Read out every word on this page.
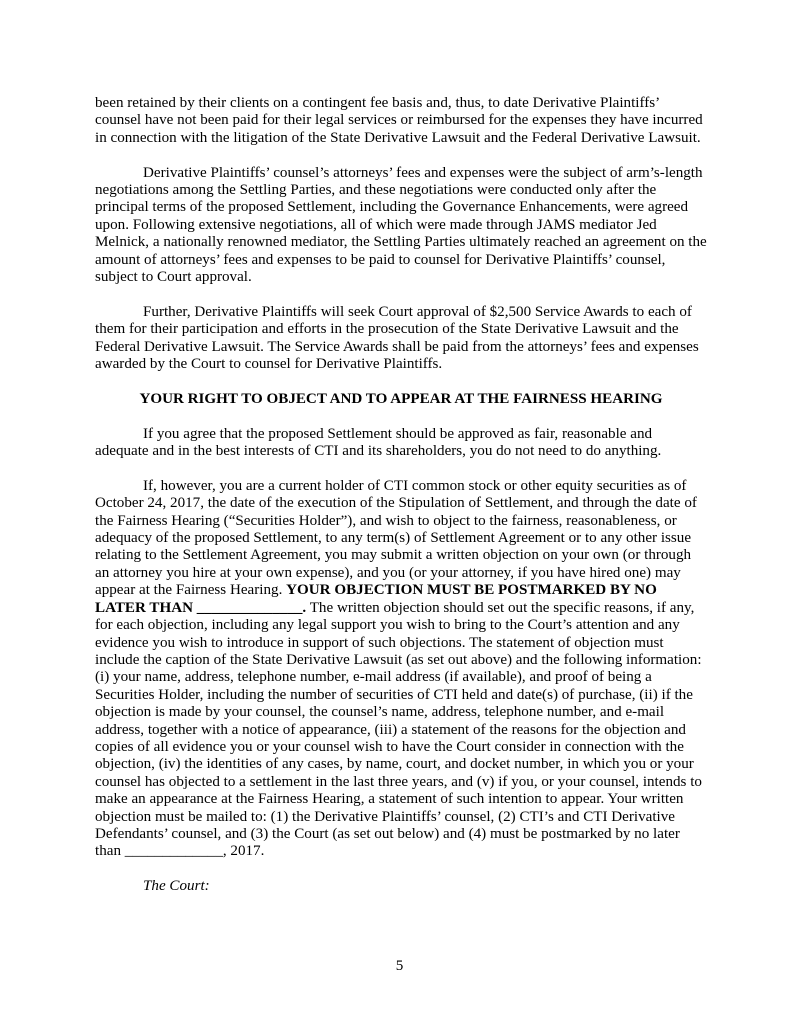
been retained by their clients on a contingent fee basis and, thus, to date Derivative Plaintiffs’ counsel have not been paid for their legal services or reimbursed for the expenses they have incurred in connection with the litigation of the State Derivative Lawsuit and the Federal Derivative Lawsuit.

Derivative Plaintiffs’ counsel’s attorneys’ fees and expenses were the subject of arm’s-length negotiations among the Settling Parties, and these negotiations were conducted only after the principal terms of the proposed Settlement, including the Governance Enhancements, were agreed upon. Following extensive negotiations, all of which were made through JAMS mediator Jed Melnick, a nationally renowned mediator, the Settling Parties ultimately reached an agreement on the amount of attorneys’ fees and expenses to be paid to counsel for Derivative Plaintiffs’ counsel, subject to Court approval.

Further, Derivative Plaintiffs will seek Court approval of $2,500 Service Awards to each of them for their participation and efforts in the prosecution of the State Derivative Lawsuit and the Federal Derivative Lawsuit. The Service Awards shall be paid from the attorneys’ fees and expenses awarded by the Court to counsel for Derivative Plaintiffs.

YOUR RIGHT TO OBJECT AND TO APPEAR AT THE FAIRNESS HEARING

If you agree that the proposed Settlement should be approved as fair, reasonable and adequate and in the best interests of CTI and its shareholders, you do not need to do anything.

If, however, you are a current holder of CTI common stock or other equity securities as of October 24, 2017, the date of the execution of the Stipulation of Settlement, and through the date of the Fairness Hearing (“Securities Holder”), and wish to object to the fairness, reasonableness, or adequacy of the proposed Settlement, to any term(s) of Settlement Agreement or to any other issue relating to the Settlement Agreement, you may submit a written objection on your own (or through an attorney you hire at your own expense), and you (or your attorney, if you have hired one) may appear at the Fairness Hearing. YOUR OBJECTION MUST BE POSTMARKED BY NO LATER THAN ______________. The written objection should set out the specific reasons, if any, for each objection, including any legal support you wish to bring to the Court’s attention and any evidence you wish to introduce in support of such objections. The statement of objection must include the caption of the State Derivative Lawsuit (as set out above) and the following information: (i) your name, address, telephone number, e-mail address (if available), and proof of being a Securities Holder, including the number of securities of CTI held and date(s) of purchase, (ii) if the objection is made by your counsel, the counsel’s name, address, telephone number, and e-mail address, together with a notice of appearance, (iii) a statement of the reasons for the objection and copies of all evidence you or your counsel wish to have the Court consider in connection with the objection, (iv) the identities of any cases, by name, court, and docket number, in which you or your counsel has objected to a settlement in the last three years, and (v) if you, or your counsel, intends to make an appearance at the Fairness Hearing, a statement of such intention to appear. Your written objection must be mailed to: (1) the Derivative Plaintiffs’ counsel, (2) CTI’s and CTI Derivative Defendants’ counsel, and (3) the Court (as set out below) and (4) must be postmarked by no later than _____________, 2017.

The Court:

5
